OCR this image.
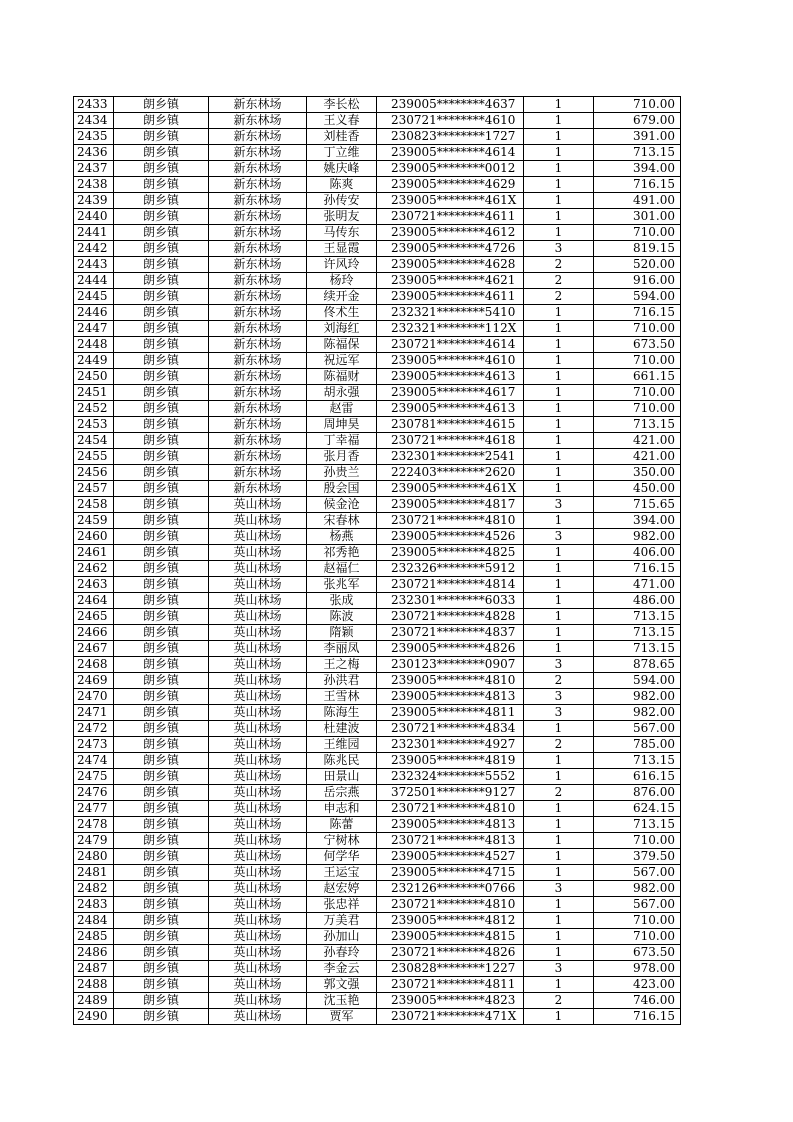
2433	朗乡镇	新东林场	李长松	239005********4637	1	710.00
2434	朗乡镇	新东林场	王义春	230721********4610	1	679.00
2435	朗乡镇	新东林场	刘桂香	230823********1727	1	391.00
2436	朗乡镇	新东林场	丁立维	239005********4614	1	713.15
2437	朗乡镇	新东林场	姚庆峰	239005********0012	1	394.00
2438	朗乡镇	新东林场	陈爽	239005********4629	1	716.15
2439	朗乡镇	新东林场	孙传安	239005********461X	1	491.00
2440	朗乡镇	新东林场	张明友	230721********4611	1	301.00
2441	朗乡镇	新东林场	马传东	239005********4612	1	710.00
2442	朗乡镇	新东林场	王显霞	239005********4726	3	819.15
2443	朗乡镇	新东林场	许风玲	239005********4628	2	520.00
2444	朗乡镇	新东林场	杨玲	239005********4621	2	916.00
2445	朗乡镇	新东林场	续开金	239005********4611	2	594.00
2446	朗乡镇	新东林场	佟术生	232321********5410	1	716.15
2447	朗乡镇	新东林场	刘海红	232321********112X	1	710.00
2448	朗乡镇	新东林场	陈福保	230721********4614	1	673.50
2449	朗乡镇	新东林场	祝远军	239005********4610	1	710.00
2450	朗乡镇	新东林场	陈福财	239005********4613	1	661.15
2451	朗乡镇	新东林场	胡永强	239005********4617	1	710.00
2452	朗乡镇	新东林场	赵雷	239005********4613	1	710.00
2453	朗乡镇	新东林场	周坤昊	230781********4615	1	713.15
2454	朗乡镇	新东林场	丁幸福	230721********4618	1	421.00
2455	朗乡镇	新东林场	张月香	232301********2541	1	421.00
2456	朗乡镇	新东林场	孙贵兰	222403********2620	1	350.00
2457	朗乡镇	新东林场	殷会国	239005********461X	1	450.00
2458	朗乡镇	英山林场	候金沧	239005********4817	3	715.65
2459	朗乡镇	英山林场	宋春林	230721********4810	1	394.00
2460	朗乡镇	英山林场	杨燕	239005********4526	3	982.00
2461	朗乡镇	英山林场	祁秀艳	239005********4825	1	406.00
2462	朗乡镇	英山林场	赵福仁	232326********5912	1	716.15
2463	朗乡镇	英山林场	张兆军	230721********4814	1	471.00
2464	朗乡镇	英山林场	张成	232301********6033	1	486.00
2465	朗乡镇	英山林场	陈波	230721********4828	1	713.15
2466	朗乡镇	英山林场	隋颖	230721********4837	1	713.15
2467	朗乡镇	英山林场	李丽凤	239005********4826	1	713.15
2468	朗乡镇	英山林场	王之梅	230123********0907	3	878.65
2469	朗乡镇	英山林场	孙洪君	239005********4810	2	594.00
2470	朗乡镇	英山林场	王雪林	239005********4813	3	982.00
2471	朗乡镇	英山林场	陈海生	239005********4811	3	982.00
2472	朗乡镇	英山林场	杜建波	230721********4834	1	567.00
2473	朗乡镇	英山林场	王维园	232301********4927	2	785.00
2474	朗乡镇	英山林场	陈兆民	239005********4819	1	713.15
2475	朗乡镇	英山林场	田景山	232324********5552	1	616.15
2476	朗乡镇	英山林场	岳宗燕	372501********9127	2	876.00
2477	朗乡镇	英山林场	申志和	230721********4810	1	624.15
2478	朗乡镇	英山林场	陈蕾	239005********4813	1	713.15
2479	朗乡镇	英山林场	宁树林	230721********4813	1	710.00
2480	朗乡镇	英山林场	何学华	239005********4527	1	379.50
2481	朗乡镇	英山林场	王运宝	239005********4715	1	567.00
2482	朗乡镇	英山林场	赵宏婷	232126********0766	3	982.00
2483	朗乡镇	英山林场	张忠祥	230721********4810	1	567.00
2484	朗乡镇	英山林场	万美君	239005********4812	1	710.00
2485	朗乡镇	英山林场	孙加山	239005********4815	1	710.00
2486	朗乡镇	英山林场	孙春玲	230721********4826	1	673.50
2487	朗乡镇	英山林场	李金云	230828********1227	3	978.00
2488	朗乡镇	英山林场	郭文强	230721********4811	1	423.00
2489	朗乡镇	英山林场	沈玉艳	239005********4823	2	746.00
2490	朗乡镇	英山林场	贾军	230721********471X	1	716.15
